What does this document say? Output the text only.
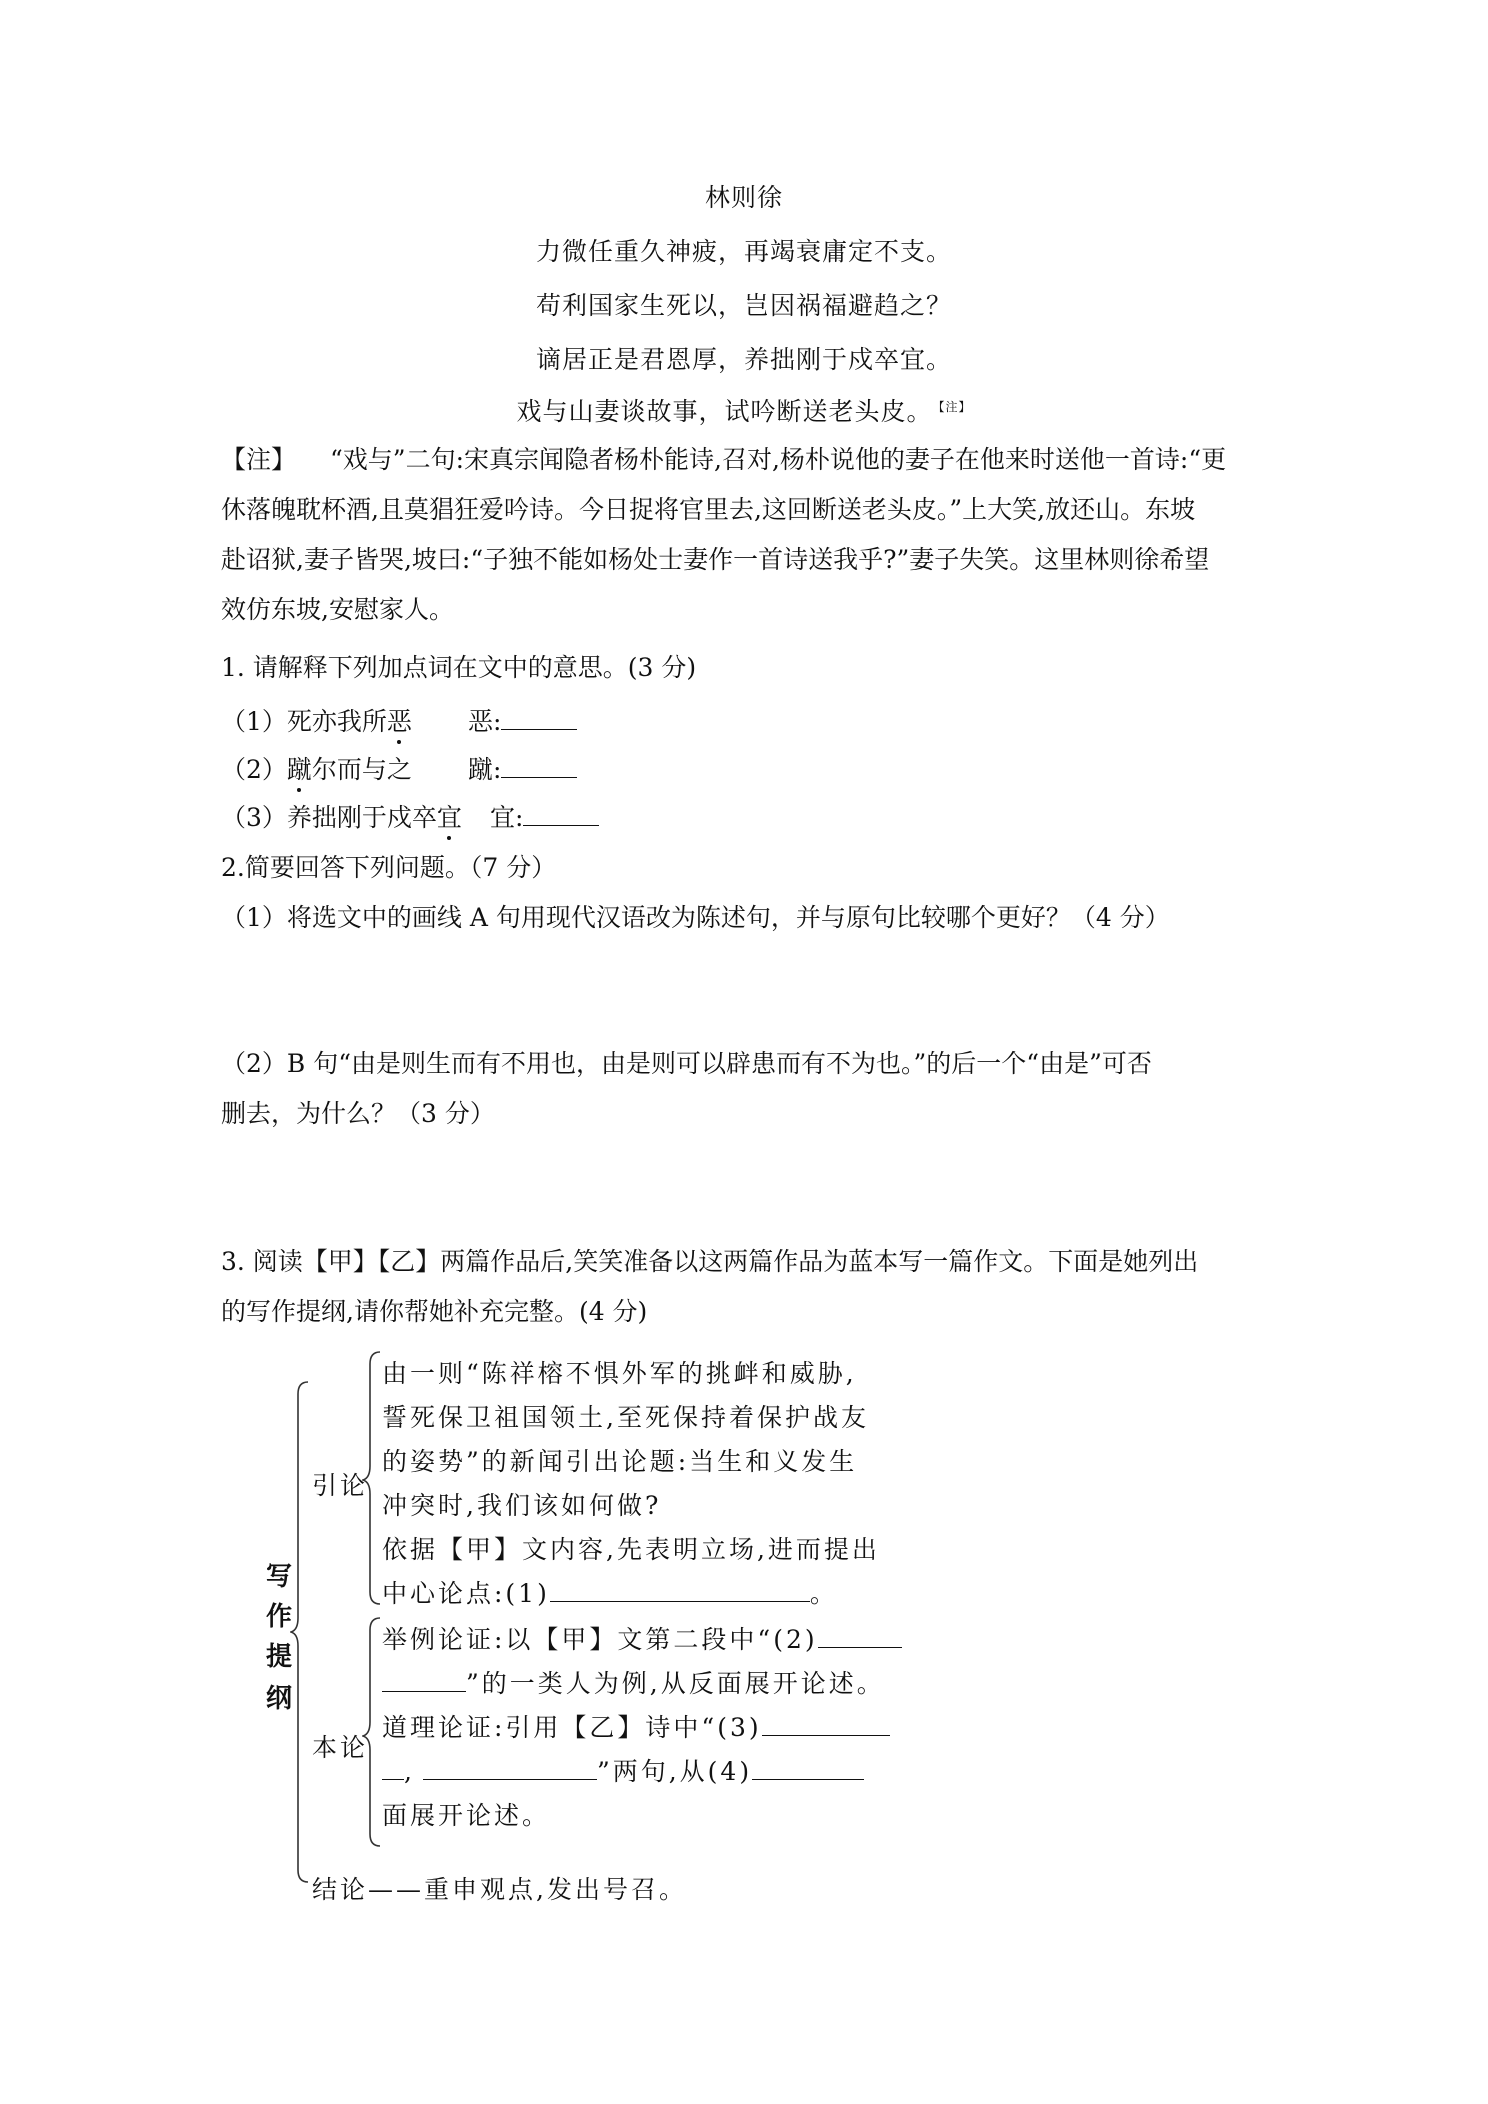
林则徐
力微任重久神疲，再竭衰庸定不支。
苟利国家生死以，岂因祸福避趋之？
谪居正是君恩厚，养拙刚于戍卒宜。
戏与山妻谈故事，试吟断送老头皮。 $^{【注】}$
【注】 “戏与”二句:宋真宗闻隐者杨朴能诗,召对,杨朴说他的妻子在他来时送他一首诗:“更
休落魄耽杯酒,且莫猖狂爱吟诗。今日捉将官里去,这回断送老头皮。”上大笑,放还山。东坡
赴诏狱,妻子皆哭,坡曰:“子独不能如杨处士妻作一首诗送我乎?”妻子失笑。这里林则徐希望
效仿东坡,安慰家人。
1. 请解释下列加点词在文中的意思。(3 分)
（1）死亦我所恶 恶:
（2）蹴尔而与之 蹴:
（3）养拙刚于戍卒宜 宜:
2.简要回答下列问题。（7 分）
（1）将选文中的画线 A 句用现代汉语改为陈述句，并与原句比较哪个更好？（4 分）
（2）B 句“由是则生而有不用也，由是则可以辟患而有不为也。”的后一个“由是”可否
删去，为什么？（3 分）
3. 阅读【甲】【乙】两篇作品后,笑笑准备以这两篇作品为蓝本写一篇作文。下面是她列出
的写作提纲,请你帮她补充完整。(4 分)
写
作
提
纲
引论
由一则“陈祥榕不惧外军的挑衅和威胁,
誓死保卫祖国领土,至死保持着保护战友
的姿势”的新闻引出论题:当生和义发生
冲突时,我们该如何做?
依据【甲】文内容,先表明立场,进而提出
中心论点:(1)	。
本论
举例论证:以【甲】文第二段中“(2)
”的一类人为例,从反面展开论述。
道理论证:引用【乙】诗中“(3)
,	”两句,从(4)
面展开论述。
结论——重申观点,发出号召。
